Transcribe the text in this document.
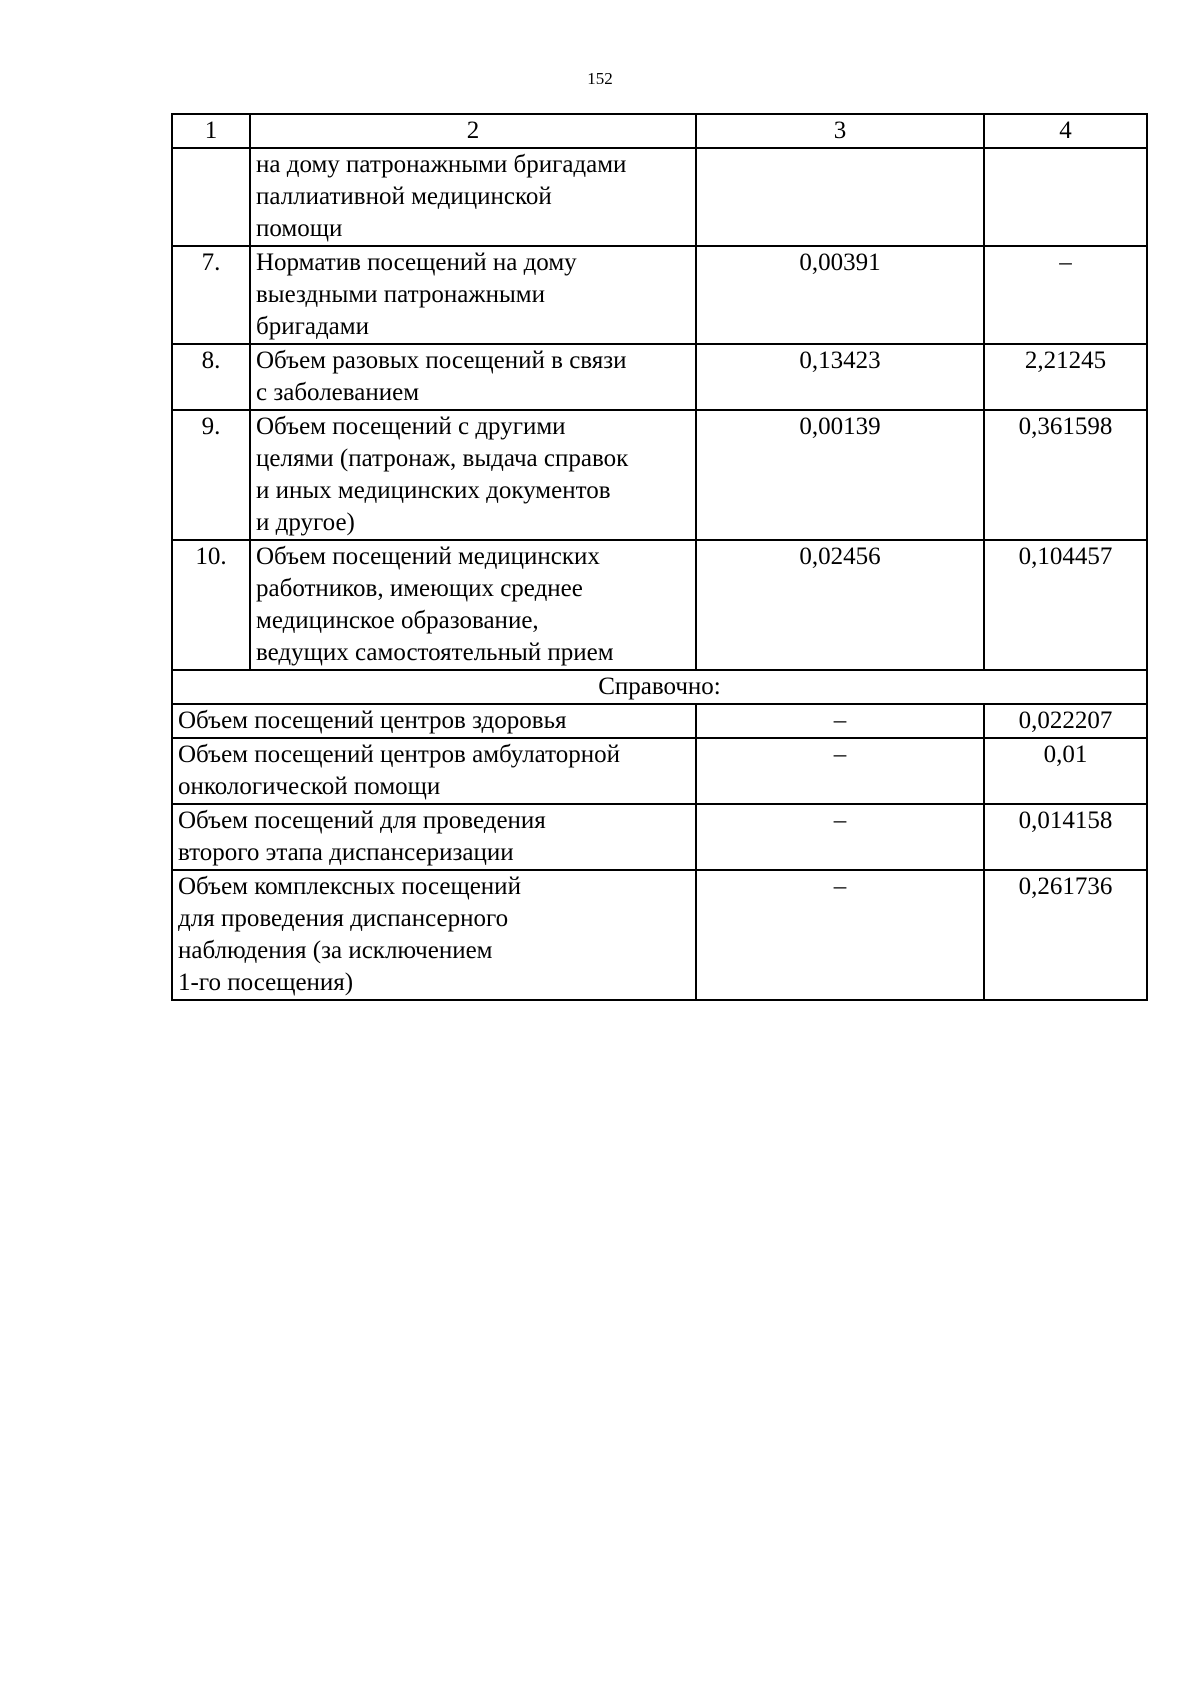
152
1	2	3	4

	на дому патронажными бригадами
паллиативной медицинской
помощи		

7.	Норматив посещений на дому
выездными патронажными
бригадами	0,00391	–
8.	Объем разовых посещений в связи
с заболеванием	0,13423	2,21245
9.	Объем посещений с другими
целями (патронаж, выдача справок
и иных медицинских документов
и другое)	0,00139	0,361598
10.	Объем посещений медицинских
работников, имеющих среднее
медицинское образование,
ведущих самостоятельный прием	0,02456	0,104457
Справочно:			

Объем посещений центров здоровья		–	0,022207

Объем посещений центров амбулаторной
онкологической помощи		–	0,01

Объем посещений для проведения
второго этапа диспансеризации		–	0,014158

Объем комплексных посещений
для проведения диспансерного
наблюдения (за исключением
1-го посещения)		–	0,261736
